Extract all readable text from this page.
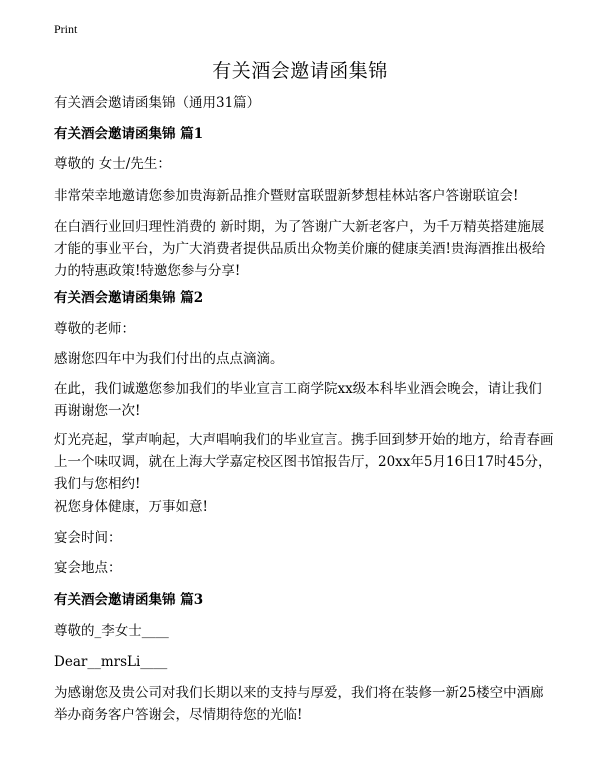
Print
有关酒会邀请函集锦
有关酒会邀请函集锦（通用31篇）
有关酒会邀请函集锦 篇1
尊敬的 女士/先生：
非常荣幸地邀请您参加贵海新品推介暨财富联盟新梦想桂林站客户答谢联谊会!
在白酒行业回归理性消费的 新时期，为了答谢广大新老客户，为千万精英搭建施展才能的事业平台，为广大消费者提供品质出众物美价廉的健康美酒!贵海酒推出极给力的特惠政策!特邀您参与分享!
有关酒会邀请函集锦 篇2
尊敬的老师：
感谢您四年中为我们付出的点点滴滴。
在此，我们诚邀您参加我们的毕业宣言工商学院xx级本科毕业酒会晚会，请让我们再谢谢您一次!
灯光亮起，掌声响起，大声唱响我们的毕业宣言。携手回到梦开始的地方，给青春画上一个味叹调，就在上海大学嘉定校区图书馆报告厅，20xx年5月16日17时45分，我们与您相约!
祝您身体健康，万事如意!
宴会时间：
宴会地点：
有关酒会邀请函集锦 篇3
尊敬的_李女士____
Dear__mrsLi____
为感谢您及贵公司对我们长期以来的支持与厚爱，我们将在装修一新25楼空中酒廊举办商务客户答谢会，尽情期待您的光临!
